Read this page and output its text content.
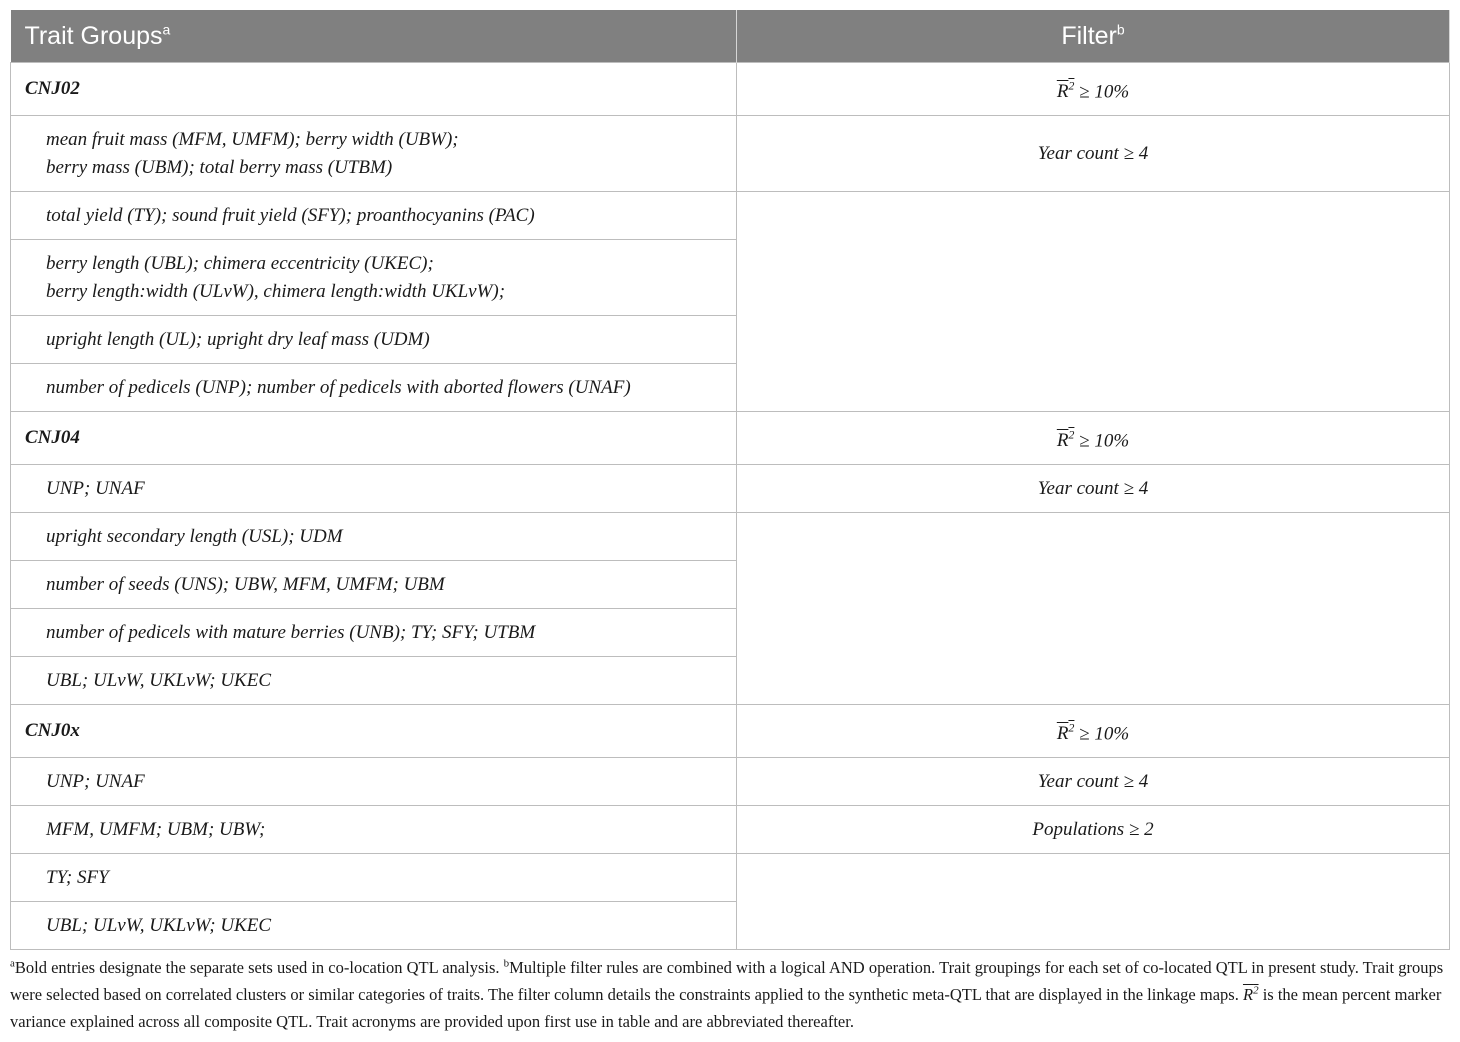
Trait Groups$^a$	Filter$^b$
CNJ02	$R^2 \ge 10\%$

mean fruit mass (MFM, UMFM); berry width (UBW);
berry mass (UBM); total berry mass (UTBM)	Year count ≥ 4

total yield (TY); sound fruit yield (SFY); proanthocyanins (PAC)	

berry length (UBL); chimera eccentricity (UKEC);
berry length:width (ULvW), chimera length:width UKLvW);	

upright length (UL); upright dry leaf mass (UDM)	

number of pedicels (UNP); number of pedicels with aborted flowers (UNAF)	

CNJ04	$R^2 \ge 10\%$

UNP; UNAF	Year count ≥ 4

upright secondary length (USL); UDM	

number of seeds (UNS); UBW, MFM, UMFM; UBM	

number of pedicels with mature berries (UNB); TY; SFY; UTBM	

UBL; ULvW, UKLvW; UKEC	

CNJ0x	$R^2 \ge 10\%$

UNP; UNAF	Year count ≥ 4

MFM, UMFM; UBM; UBW;	Populations ≥ 2

TY; SFY	

UBL; ULvW, UKLvW; UKEC	
$^a$Bold entries designate the separate sets used in co-location QTL analysis. $^b$Multiple filter rules are combined with a logical AND operation. Trait groupings for each set of co-located QTL in present study. Trait groups were selected based on correlated clusters or similar categories of traits. The filter column details the constraints applied to the synthetic meta-QTL that are displayed in the linkage maps. $\overline{R}^2$ is the mean percent marker variance explained across all composite QTL. Trait acronyms are provided upon first use in table and are abbreviated thereafter.
